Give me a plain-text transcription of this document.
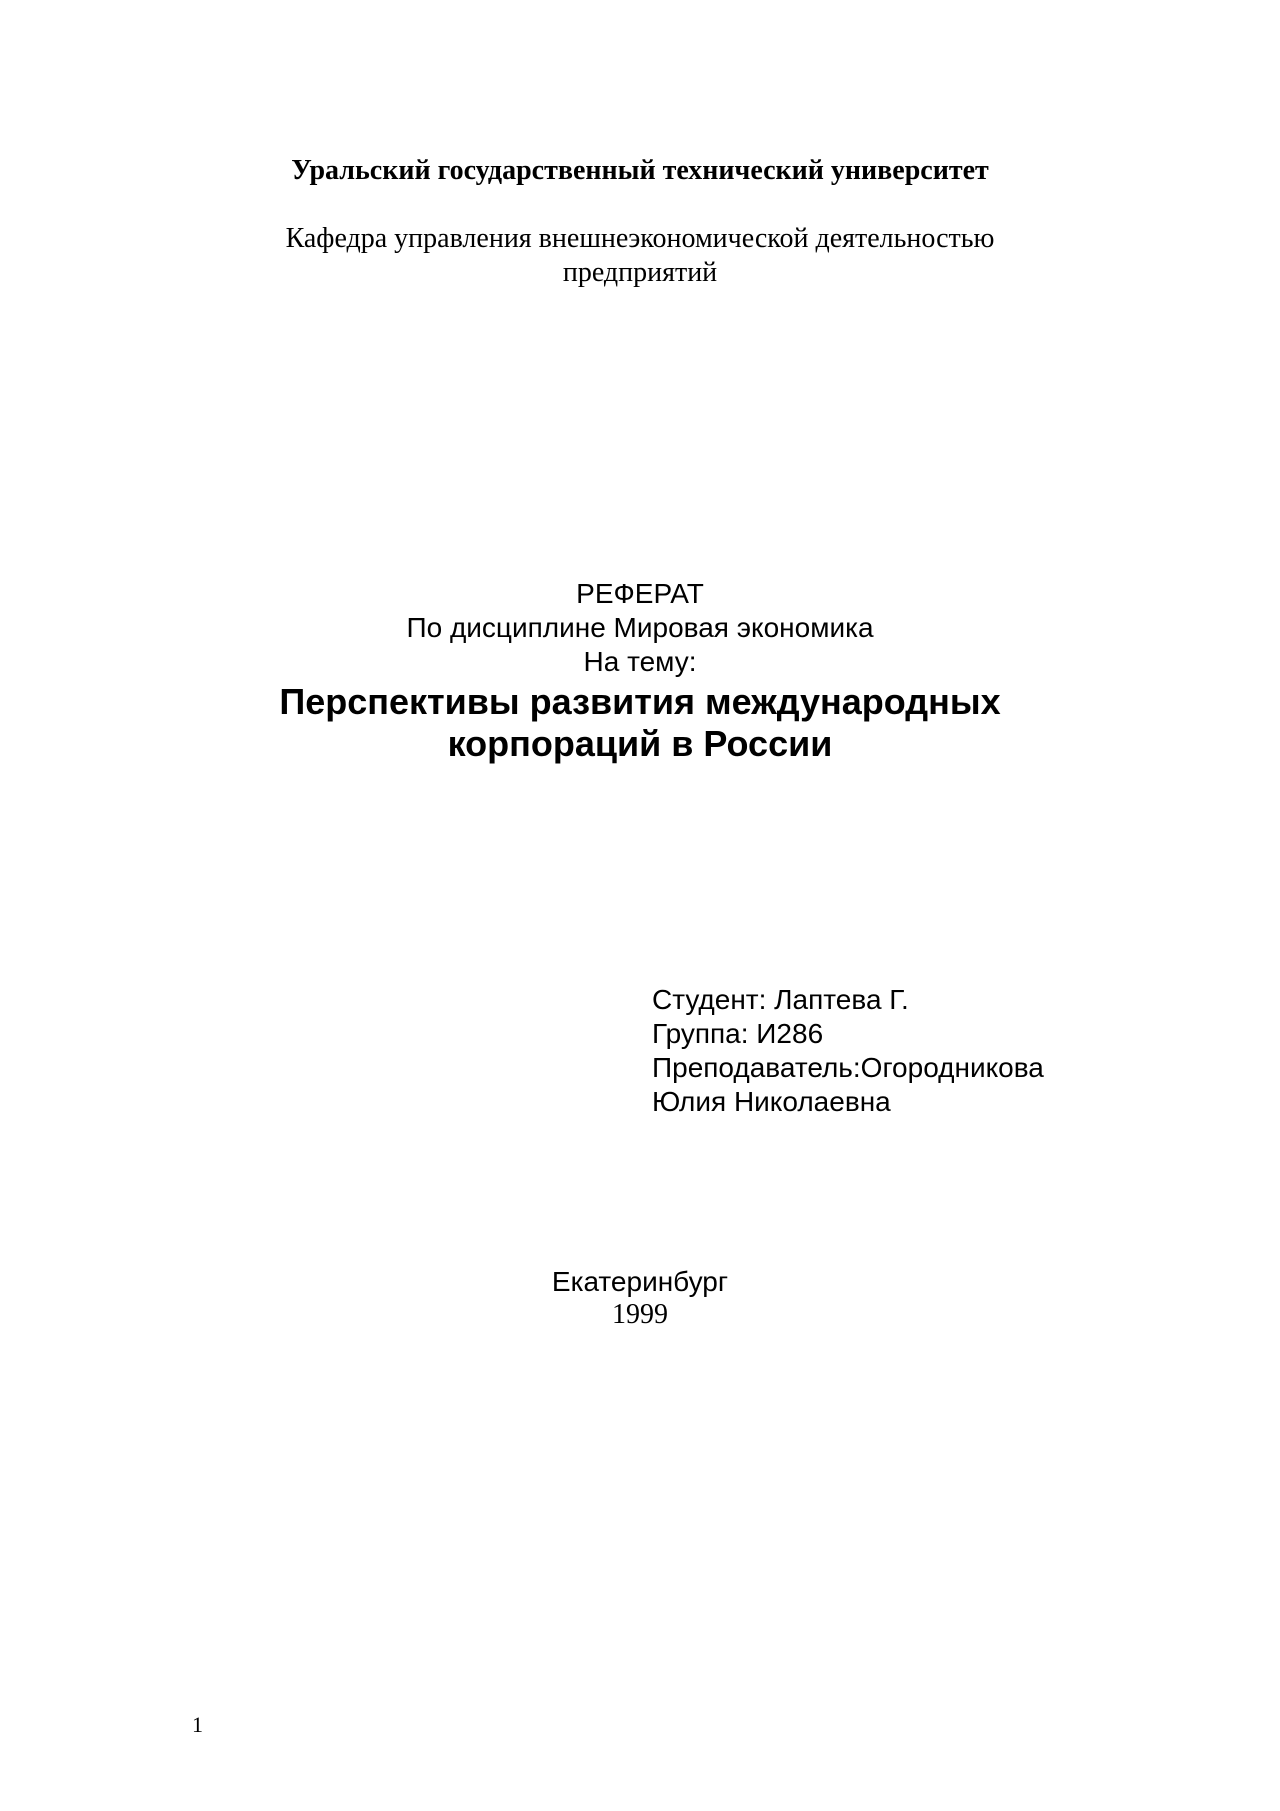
Уральский государственный технический университет
Кафедра управления внешнеэкономической деятельностью
предприятий
РЕФЕРАТ
По дисциплине Мировая экономика
На тему:
Перспективы развития международных
корпораций в России
Студент: Лаптева Г.
Группа: И286
Преподаватель:Огородникова
Юлия Николаевна
Екатеринбург
1999
1
